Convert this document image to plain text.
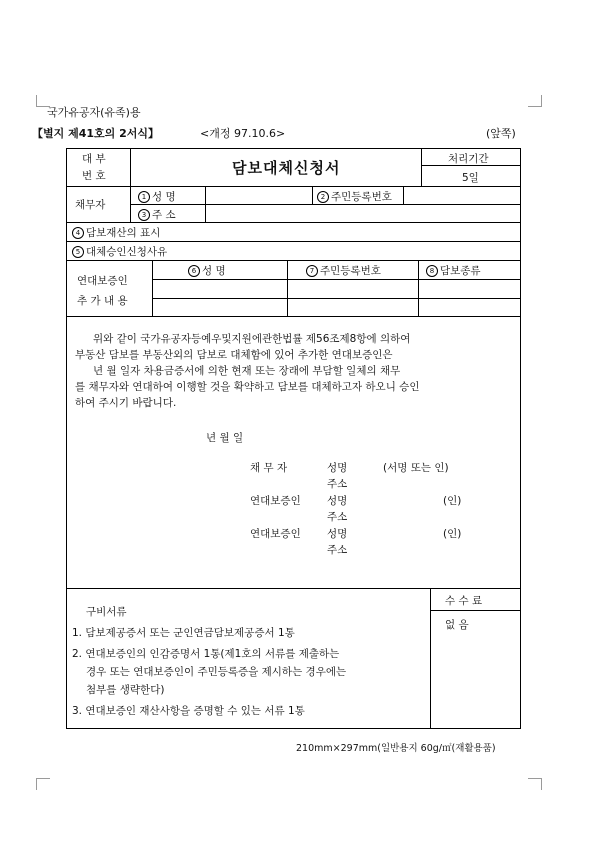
국가유공자(유족)용
【별지 제41호의 2서식】	<개정 97.10.6>	(앞쪽)
대 부
번 호	담보대체신청서	처리기간
5일
채무자
1 성 명	2 주민등록번호
3 주 소
4 담보재산의 표시
5 대체승인신청사유
연대보증인
추 가 내 용
6 성 명	7 주민등록번호	8 담보종류
위와 같이 국가유공자등예우및지원에관한법률 제56조제8항에 의하여
부동산 담보를 부동산외의 담보로 대체함에 있어 추가한 연대보증인은
년 월 일자 차용금증서에 의한 현재 또는 장래에 부담할 일체의 채무
를 채무자와 연대하여 이행할 것을 확약하고 담보를 대체하고자 하오니 승인
하여 주시기 바랍니다.
년 월 일
채 무 자	성명	(서명 또는 인)
주소
연대보증인	성명	(인)
주소
연대보증인	성명	(인)
주소
구비서류
1. 담보제공증서 또는 군인연금담보제공증서 1통
2. 연대보증인의 인감증명서 1통(제1호의 서류를 제출하는
경우 또는 연대보증인이 주민등록증을 제시하는 경우에는
첨부를 생략한다)
3. 연대보증인 재산사항을 증명할 수 있는 서류 1통
수 수 료
없 음
210mm×297mm(일반용지 60g/㎡(재활용품)
